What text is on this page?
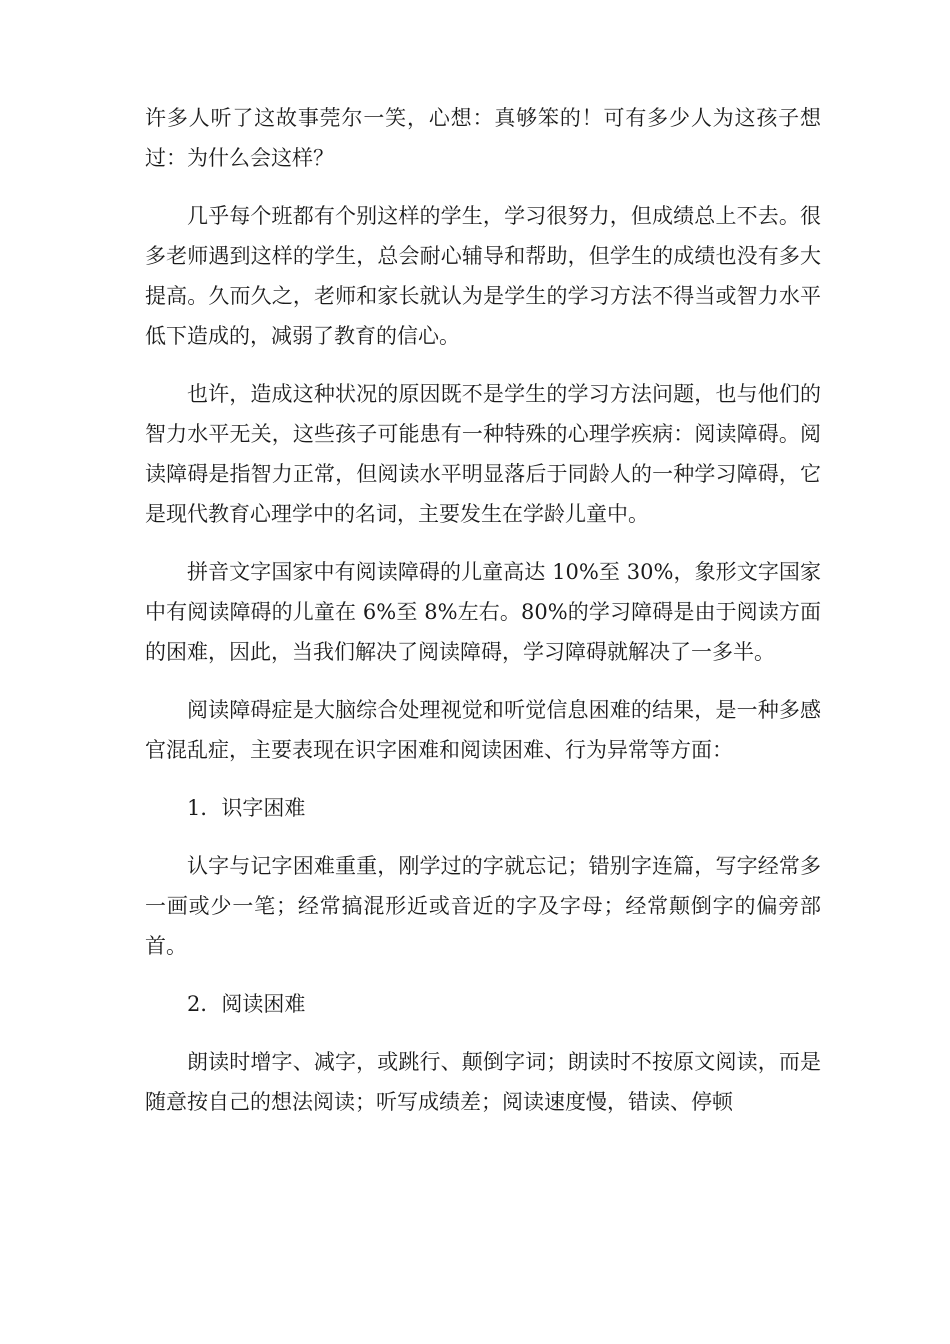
许多人听了这故事莞尔一笑，心想：真够笨的！可有多少人为这孩子想过：为什么会这样？

几乎每个班都有个别这样的学生，学习很努力，但成绩总上不去。很多老师遇到这样的学生，总会耐心辅导和帮助，但学生的成绩也没有多大提高。久而久之，老师和家长就认为是学生的学习方法不得当或智力水平低下造成的，减弱了教育的信心。

也许，造成这种状况的原因既不是学生的学习方法问题，也与他们的智力水平无关，这些孩子可能患有一种特殊的心理学疾病：阅读障碍。阅读障碍是指智力正常，但阅读水平明显落后于同龄人的一种学习障碍，它是现代教育心理学中的名词，主要发生在学龄儿童中。

拼音文字国家中有阅读障碍的儿童高达 10%至 30%，象形文字国家中有阅读障碍的儿童在 6%至 8%左右。80%的学习障碍是由于阅读方面的困难，因此，当我们解决了阅读障碍，学习障碍就解决了一多半。

阅读障碍症是大脑综合处理视觉和听觉信息困难的结果，是一种多感官混乱症，主要表现在识字困难和阅读困难、行为异常等方面：

1．识字困难

认字与记字困难重重，刚学过的字就忘记；错别字连篇，写字经常多一画或少一笔；经常搞混形近或音近的字及字母；经常颠倒字的偏旁部首。

2．阅读困难

朗读时增字、减字，或跳行、颠倒字词；朗读时不按原文阅读，而是随意按自己的想法阅读；听写成绩差；阅读速度慢，错读、停顿
